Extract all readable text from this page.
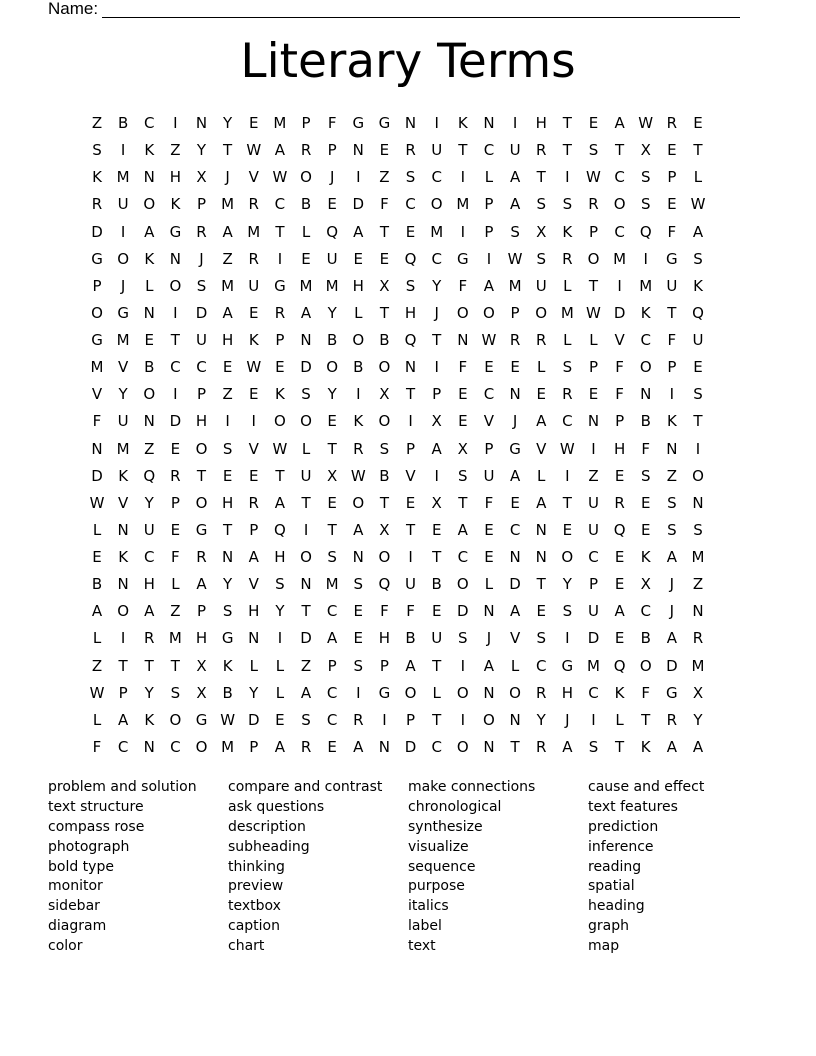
Name:
Literary Terms
Z	B	C	I	N	Y	E M	P	F	G G N	I	K	N	I	H	T	E	A W R	E
S	I	K	Z	Y	T W A	R	P	N	E	R	U	T	C	U	R	T	S	T	X	E	T
K M N H	X	J	V W O	J	I	Z	S	C	I	L	A	T	I	W C	S	P	L
R	U O	K	P	M R	C	B	E	D	F	C	O M	P	A	S	S	R	O	S	E W
D	I	A	G	R	A M	T	L	Q	A	T	E M	I	P	S	X	K	P	C Q	F	A
G O	K	N	J	Z	R	I	E	U	E	E	Q C	G	I	W S	R	O M	I	G	S
P	J	L	O	S M U G M M H	X	S	Y	F	A M U	L	T	I	M U	K
O G N	I	D	A	E	R	A	Y	L	T	H	J	O O	P	O M W D	K	T	Q
G M E	T	U	H	K	P	N	B	O	B	Q	T	N W R	R	L	L	V	C	F	U
M V	B	C	C	E W E	D O	B	O N	I	F	E	E	L	S	P	F	O	P	E
V	Y	O	I	P	Z	E	K	S	Y	I	X	T	P	E	C	N	E	R	E	F	N	I	S
F	U	N D H	I	I	O O	E	K	O	I	X	E	V	J	A	C	N	P	B	K	T
N M Z	E	O	S	V W L	T	R	S	P	A	X	P	G	V W	I	H	F	N	I
D	K	Q	R	T	E	E	T	U	X W B	V	I	S	U	A	L	I	Z	E	S	Z	O
W V	Y	P	O H	R	A	T	E	O	T	E	X	T	F	E	A	T	U	R	E	S	N
L	N	U	E	G	T	P	Q	I	T	A	X	T	E	A	E	C	N	E	U Q	E	S	S
E	K	C	F	R	N	A	H O	S	N O	I	T	C	E	N N O C	E	K	A M
B	N H	L	A	Y	V	S	N M S	Q U	B	O	L	D	T	Y	P	E	X	J	Z
A	O	A	Z	P	S	H	Y	T	C	E	F	F	E	D N	A	E	S	U	A	C	J	N
L	I	R M H G N	I	D	A	E	H	B	U	S	J	V	S	I	D	E	B	A	R
Z	T	T	T	X	K	L	L	Z	P	S	P	A	T	I	A	L	C	G M Q O D M
W P	Y	S	X	B	Y	L	A	C	I	G O	L	O N O	R	H	C	K	F	G	X
L	A	K	O G W D	E	S	C	R	I	P	T	I	O N	Y	J	I	L	T	R	Y
F	C	N	C	O M	P	A	R	E	A	N D	C O N	T	R	A	S	T	K	A	A
problem and solution
text structure
compass rose
photograph
bold type
monitor
sidebar
diagram
color
compare and contrast
ask questions
description
subheading
thinking
preview
textbox
caption
chart
make connections
chronological
synthesize
visualize
sequence
purpose
italics
label
text
cause and effect
text features
prediction
inference
reading
spatial
heading
graph
map
